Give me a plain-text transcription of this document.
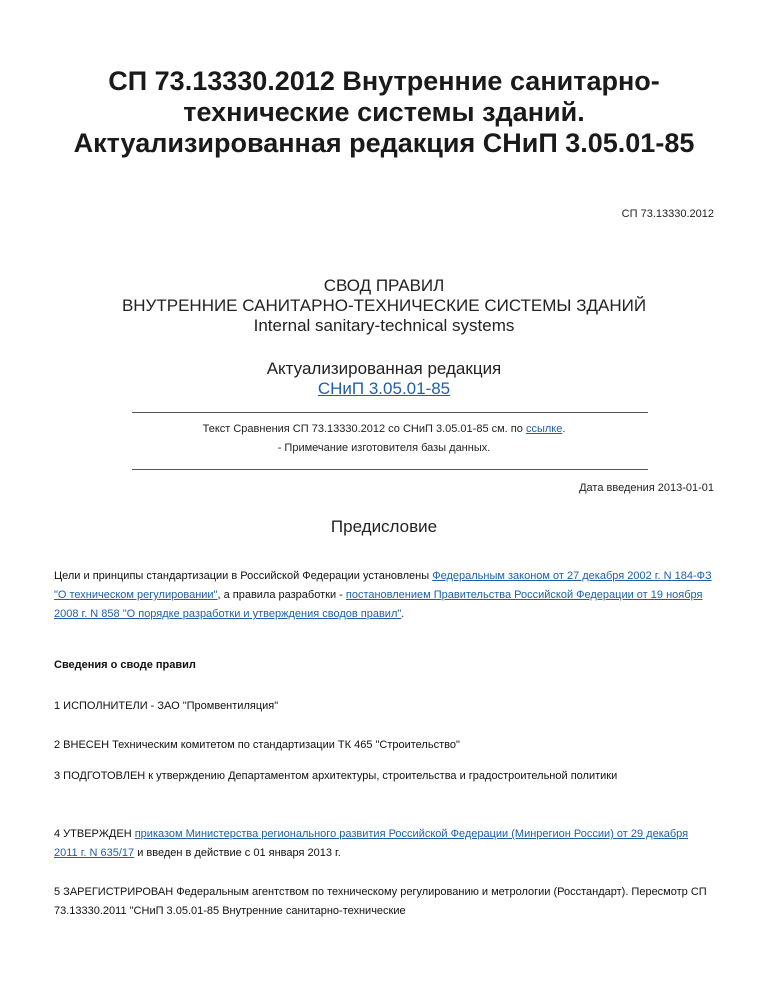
СП 73.13330.2012 Внутренние санитарно-технические системы зданий. Актуализированная редакция СНиП 3.05.01-85
СП 73.13330.2012
СВОД ПРАВИЛ
ВНУТРЕННИЕ САНИТАРНО-ТЕХНИЧЕСКИЕ СИСТЕМЫ ЗДАНИЙ
Internal sanitary-technical systems
Актуализированная редакция
СНиП 3.05.01-85
Текст Сравнения СП 73.13330.2012 со СНиП 3.05.01-85 см. по ссылке.
- Примечание изготовителя базы данных.
Дата введения 2013-01-01
Предисловие
Цели и принципы стандартизации в Российской Федерации установлены Федеральным законом от 27 декабря 2002 г. N 184-ФЗ "О техническом регулировании", а правила разработки - постановлением Правительства Российской Федерации от 19 ноября 2008 г. N 858 "О порядке разработки и утверждения сводов правил".
Сведения о своде правил
1 ИСПОЛНИТЕЛИ - ЗАО "Промвентиляция"
2 ВНЕСЕН Техническим комитетом по стандартизации ТК 465 "Строительство"
3 ПОДГОТОВЛЕН к утверждению Департаментом архитектуры, строительства и градостроительной политики
4 УТВЕРЖДЕН приказом Министерства регионального развития Российской Федерации (Минрегион России) от 29 декабря 2011 г. N 635/17 и введен в действие с 01 января 2013 г.
5 ЗАРЕГИСТРИРОВАН Федеральным агентством по техническому регулированию и метрологии (Росстандарт). Пересмотр СП 73.13330.2011 "СНиП 3.05.01-85 Внутренние санитарно-технические
